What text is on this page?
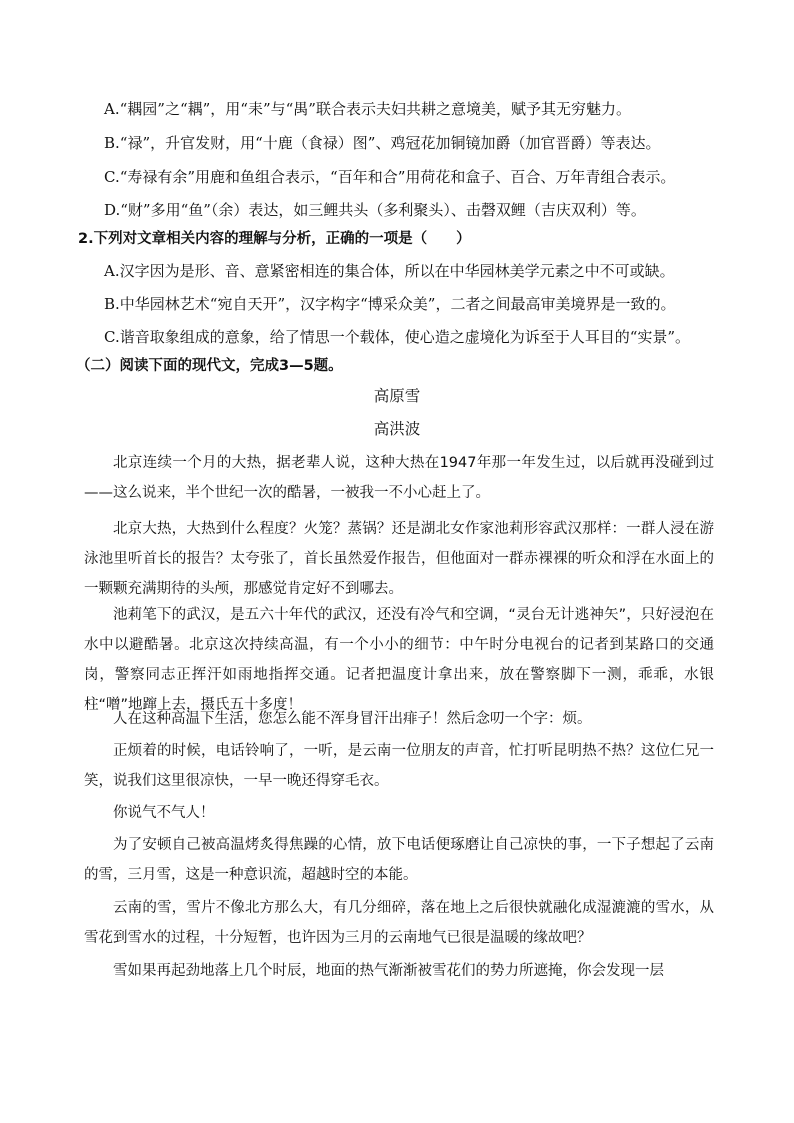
A.“耦园”之“耦”，用“耒”与“禺”联合表示夫妇共耕之意境美，赋予其无穷魅力。
B.“禄”，升官发财，用“十鹿（食禄）图”、鸡冠花加铜镜加爵（加官晋爵）等表达。
C.“寿禄有余”用鹿和鱼组合表示，“百年和合”用荷花和盒子、百合、万年青组合表示。
D.“财”多用“鱼”（余）表达，如三鲤共头（多利聚头）、击磬双鲤（吉庆双利）等。
2.下列对文章相关内容的理解与分析，正确的一项是（　　）
A.汉字因为是形、音、意紧密相连的集合体，所以在中华园林美学元素之中不可或缺。
B.中华园林艺术“宛自天开”，汉字构字“博采众美”，二者之间最高审美境界是一致的。
C.谐音取象组成的意象，给了情思一个载体，使心造之虚境化为诉至于人耳目的“实景”。
（二）阅读下面的现代文，完成3—5题。
高原雪
高洪波
北京连续一个月的大热，据老辈人说，这种大热在1947年那一年发生过，以后就再没碰到过——这么说来，半个世纪一次的酷暑，一被我一不小心赶上了。
北京大热，大热到什么程度？火笼？蒸锅？还是湖北女作家池莉形容武汉那样：一群人浸在游泳池里听首长的报告？太夸张了，首长虽然爱作报告，但他面对一群赤裸裸的听众和浮在水面上的一颗颗充满期待的头颅，那感觉肯定好不到哪去。
池莉笔下的武汉，是五六十年代的武汉，还没有冷气和空调，“灵台无计逃神矢”，只好浸泡在水中以避酷暑。北京这次持续高温，有一个小小的细节：中午时分电视台的记者到某路口的交通岗，警察同志正挥汗如雨地指挥交通。记者把温度计拿出来，放在警察脚下一测，乖乖，水银柱“噌”地蹿上去，摄氏五十多度！
人在这种高温下生活，您怎么能不浑身冒汗出痱子！然后念叨一个字：烦。
正烦着的时候，电话铃响了，一听，是云南一位朋友的声音，忙打听昆明热不热？这位仁兄一笑，说我们这里很凉快，一早一晚还得穿毛衣。
你说气不气人！
为了安顿自己被高温烤炙得焦躁的心情，放下电话便琢磨让自己凉快的事，一下子想起了云南的雪，三月雪，这是一种意识流，超越时空的本能。
云南的雪，雪片不像北方那么大，有几分细碎，落在地上之后很快就融化成湿漉漉的雪水，从雪花到雪水的过程，十分短暂，也许因为三月的云南地气已很是温暖的缘故吧？
雪如果再起劲地落上几个时辰，地面的热气渐渐被雪花们的势力所遮掩，你会发现一层
